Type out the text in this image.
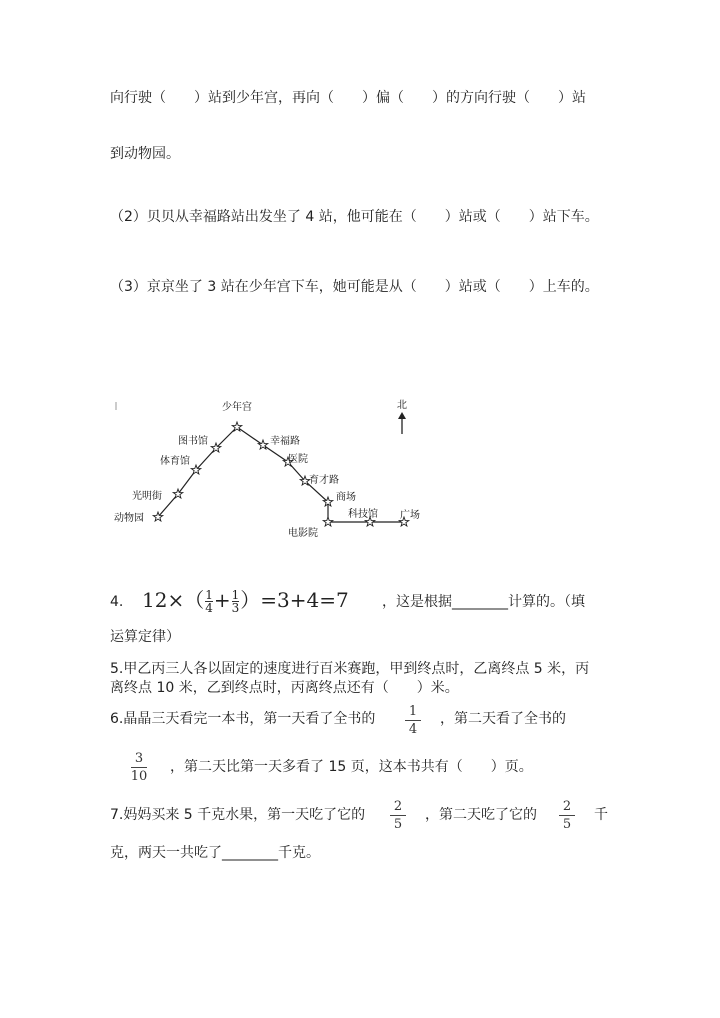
向行驶（　　）站到少年宫，再向（　　）偏（　　）的方向行驶（　　）站
到动物园。
（2）贝贝从幸福路站出发坐了 4 站，他可能在（　　）站或（　　）站下车。
（3）京京坐了 3 站在少年宫下车，她可能是从（　　）站或（　　）上车的。
少年宫
图书馆
体育馆
光明街
动物园
幸福路
医院
育才路
商场
电影院
科技馆 广场
北
4. $12\times(\frac{1}{4}+\frac{1}{3})=3+4=7$ ，这是根据________计算的。（填
运算定律）
5.甲乙丙三人各以固定的速度进行百米赛跑，甲到终点时，乙离终点 5 米，丙
离终点 10 米，乙到终点时，丙离终点还有（　　）米。
6.晶晶三天看完一本书，第一天看了全书的	1
4
，第二天看了全书的
3
10
，第二天比第一天多看了 15 页，这本书共有（　　）页。
7.妈妈买来 5 千克水果，第一天吃了它的
2
5
，第二天吃了它的
2
5
千
克，两天一共吃了________千克。
